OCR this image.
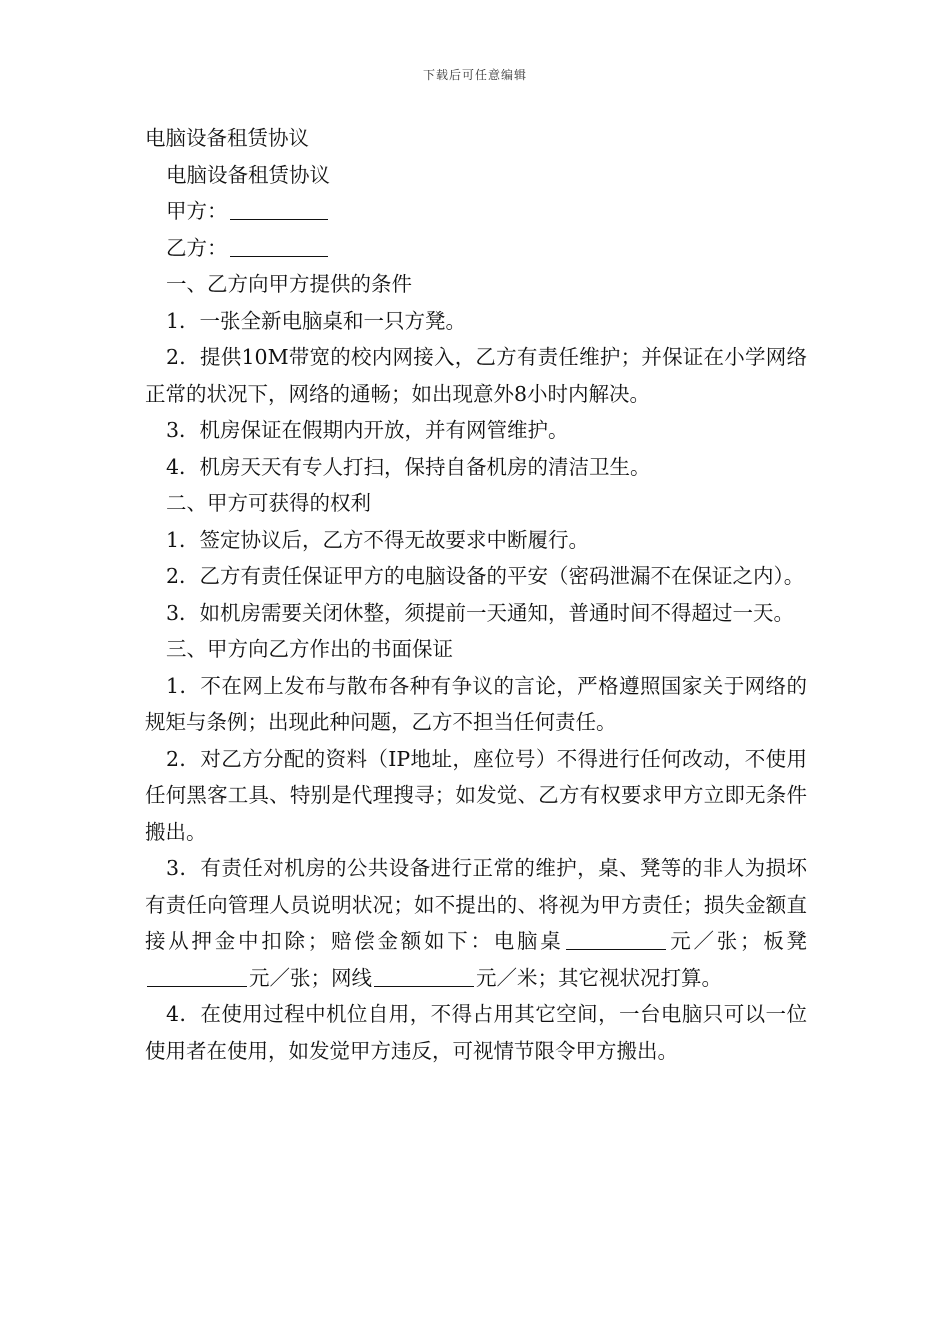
下载后可任意编辑

电脑设备租赁协议

电脑设备租赁协议

甲方：

乙方：

一、乙方向甲方提供的条件

1．一张全新电脑桌和一只方凳。

2．提供10M带宽的校内网接入，乙方有责任维护；并保证在小学网络正常的状况下，网络的通畅；如出现意外8小时内解决。

3．机房保证在假期内开放，并有网管维护。

4．机房天天有专人打扫，保持自备机房的清洁卫生。

二、甲方可获得的权利

1．签定协议后，乙方不得无故要求中断履行。

2．乙方有责任保证甲方的电脑设备的平安（密码泄漏不在保证之内）。

3．如机房需要关闭休整，须提前一天通知，普通时间不得超过一天。

三、甲方向乙方作出的书面保证

1．不在网上发布与散布各种有争议的言论，严格遵照国家关于网络的规矩与条例；出现此种问题，乙方不担当任何责任。

2．对乙方分配的资料（IP地址，座位号）不得进行任何改动，不使用任何黑客工具、特别是代理搜寻；如发觉、乙方有权要求甲方立即无条件搬出。

3．有责任对机房的公共设备进行正常的维护，桌、凳等的非人为损坏有责任向管理人员说明状况；如不提出的、将视为甲方责任；损失金额直接从押金中扣除；赔偿金额如下：电脑桌	元／张；板凳元／张；网线	元／米；其它视状况打算。

4．在使用过程中机位自用，不得占用其它空间，一台电脑只可以一位使用者在使用，如发觉甲方违反，可视情节限令甲方搬出。
